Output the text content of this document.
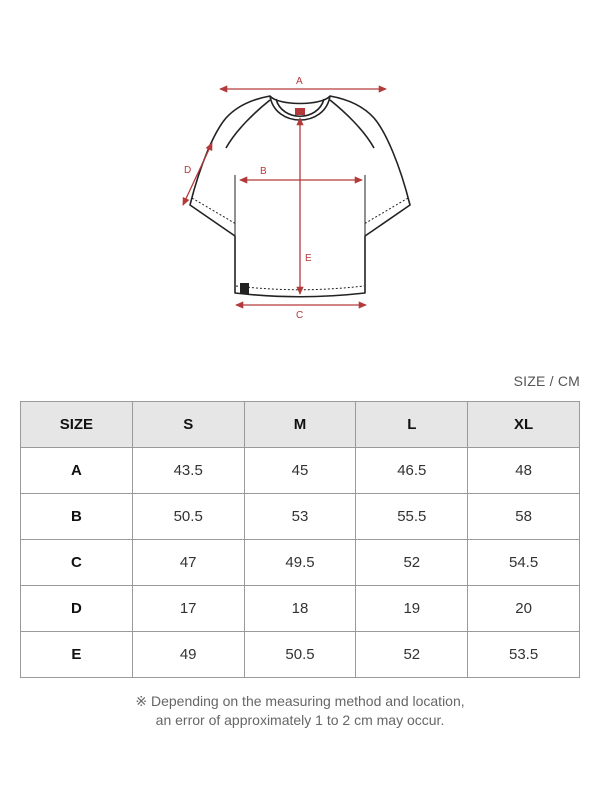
A
B
C
D
E
SIZE / CM
SIZE	S	M	L	XL
A	43.5	45	46.5	48
B	50.5	53	55.5	58
C	47	49.5	52	54.5
D	17	18	19	20
E	49	50.5	52	53.5
※ Depending on the measuring method and location,
an error of approximately 1 to 2 cm may occur.
